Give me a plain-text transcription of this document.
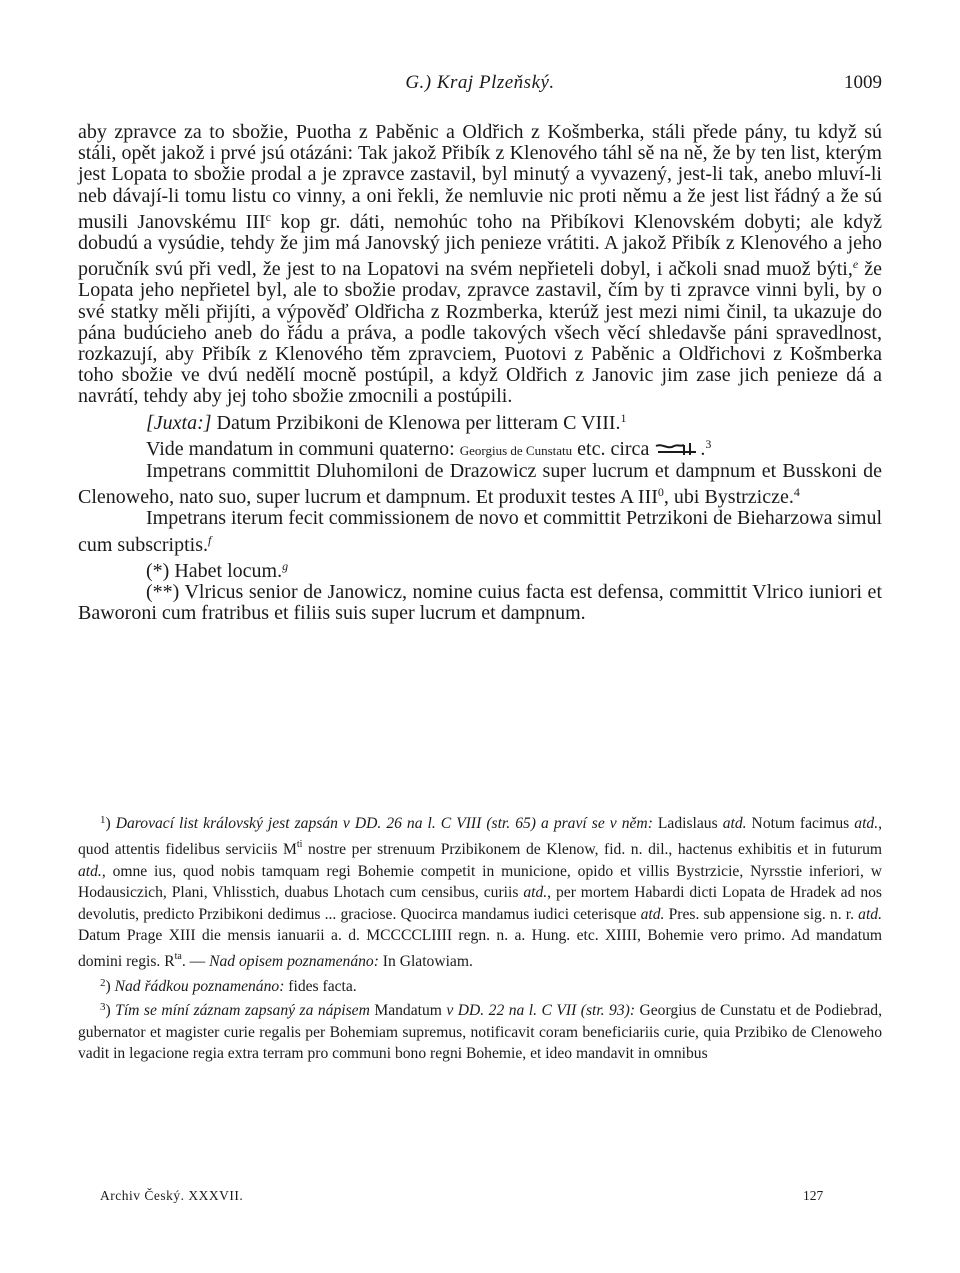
G.) Kraj Plzeňský.	1009

aby zpravce za to sbožie, Puotha z Paběnic a Oldřich z Košmberka, stáli přede pány, tu když sú stáli, opět jakož i prvé jsú otázáni: Tak jakož Přibík z Klenového táhl sě na ně, že by ten list, kterým jest Lopata to sbožie prodal a je zpravce zastavil, byl minutý a vyvazený, jest-li tak, anebo mluví-li neb dávají-li tomu listu co vinny, a oni řekli, že nemluvie nic proti němu a že jest list řádný a že sú musili Janovskému III$^c$ kop gr. dáti, nemohúc toho na Přibíkovi Klenovském dobyti; ale když dobudú a vysúdie, tehdy že jim má Janovský jich penieze vrátiti. A jakož Přibík z Klenového a jeho poručník svú při vedl, že jest to na Lopatovi na svém nepřieteli dobyl, i ačkoli snad muož býti,$^e$ že Lopata jeho nepřietel byl, ale to sbožie prodav, zpravce zastavil, čím by ti zpravce vinni byli, by o své statky měli přijíti, a výpověď Oldřicha z Rozmberka, kterúž jest mezi nimi činil, ta ukazuje do pána budúcieho aneb do řádu a práva, a podle takových všech věcí shledavše páni spravedlnost, rozkazují, aby Přibík z Klenového těm zpravciem, Puotovi z Paběnic a Oldřichovi z Košmberka toho sbožie ve dvú nedělí mocně postúpil, a když Oldřich z Janovic jim zase jich penieze dá a navrátí, tehdy aby jej toho sbožie zmocnili a postúpili.

[Juxta:] Datum Przibikoni de Klenowa per litteram C VIII.$^1$

Vide mandatum in communi quaterno: Georgius de Cunstatu etc. circa .$^3$

Impetrans committit Dluhomiloni de Drazowicz super lucrum et dampnum et Busskoni de Clenoweho, nato suo, super lucrum et dampnum. Et produxit testes A III$^0$, ubi Bystrzicze.$^4$

Impetrans iterum fecit commissionem de novo et committit Petrzikoni de Bieharzowa simul cum subscriptis.$^f$

(*) Habet locum.$^g$

(**) Vlricus senior de Janowicz, nomine cuius facta est defensa, committit Vlrico iuniori et Baworoni cum fratribus et filiis suis super lucrum et dampnum.

$^1$) Darovací list královský jest zapsán v DD. 26 na l. C VIII (str. 65) a praví se v něm: Ladislaus atd. Notum facimus atd., quod attentis fidelibus serviciis $M^{ti}$ nostre per strenuum Przibikonem de Klenow, fid. n. dil., hactenus exhibitis et in futurum atd., omne ius, quod nobis tamquam regi Bohemie competit in municione, opido et villis Bystrzicie, Nyrsstie inferiori, w Hodausiczich, Plani, Vhlisstich, duabus Lhotach cum censibus, curiis atd., per mortem Habardi dicti Lopata de Hradek ad nos devolutis, predicto Przibikoni dedimus ... graciose. Quocirca mandamus iudici ceterisque atd. Pres. sub appensione sig. n. r. atd. Datum Prage XIII die mensis ianuarii a. d. MCCCCLIIII regn. n. a. Hung. etc. XIIII, Bohemie vero primo. Ad mandatum domini regis. $R^{ta}$. — Nad opisem poznamenáno: In Glatowiam.

$^2$) Nad řádkou poznamenáno: fides facta.

$^3$) Tím se míní záznam zapsaný za nápisem Mandatum v DD. 22 na l. C VII (str. 93): Georgius de Cunstatu et de Podiebrad, gubernator et magister curie regalis per Bohemiam supremus, notificavit coram beneficiariis curie, quia Przibiko de Clenoweho vadit in legacione regia extra terram pro communi bono regni Bohemie, et ideo mandavit in omnibus

Archiv Český. XXXVII.	127
